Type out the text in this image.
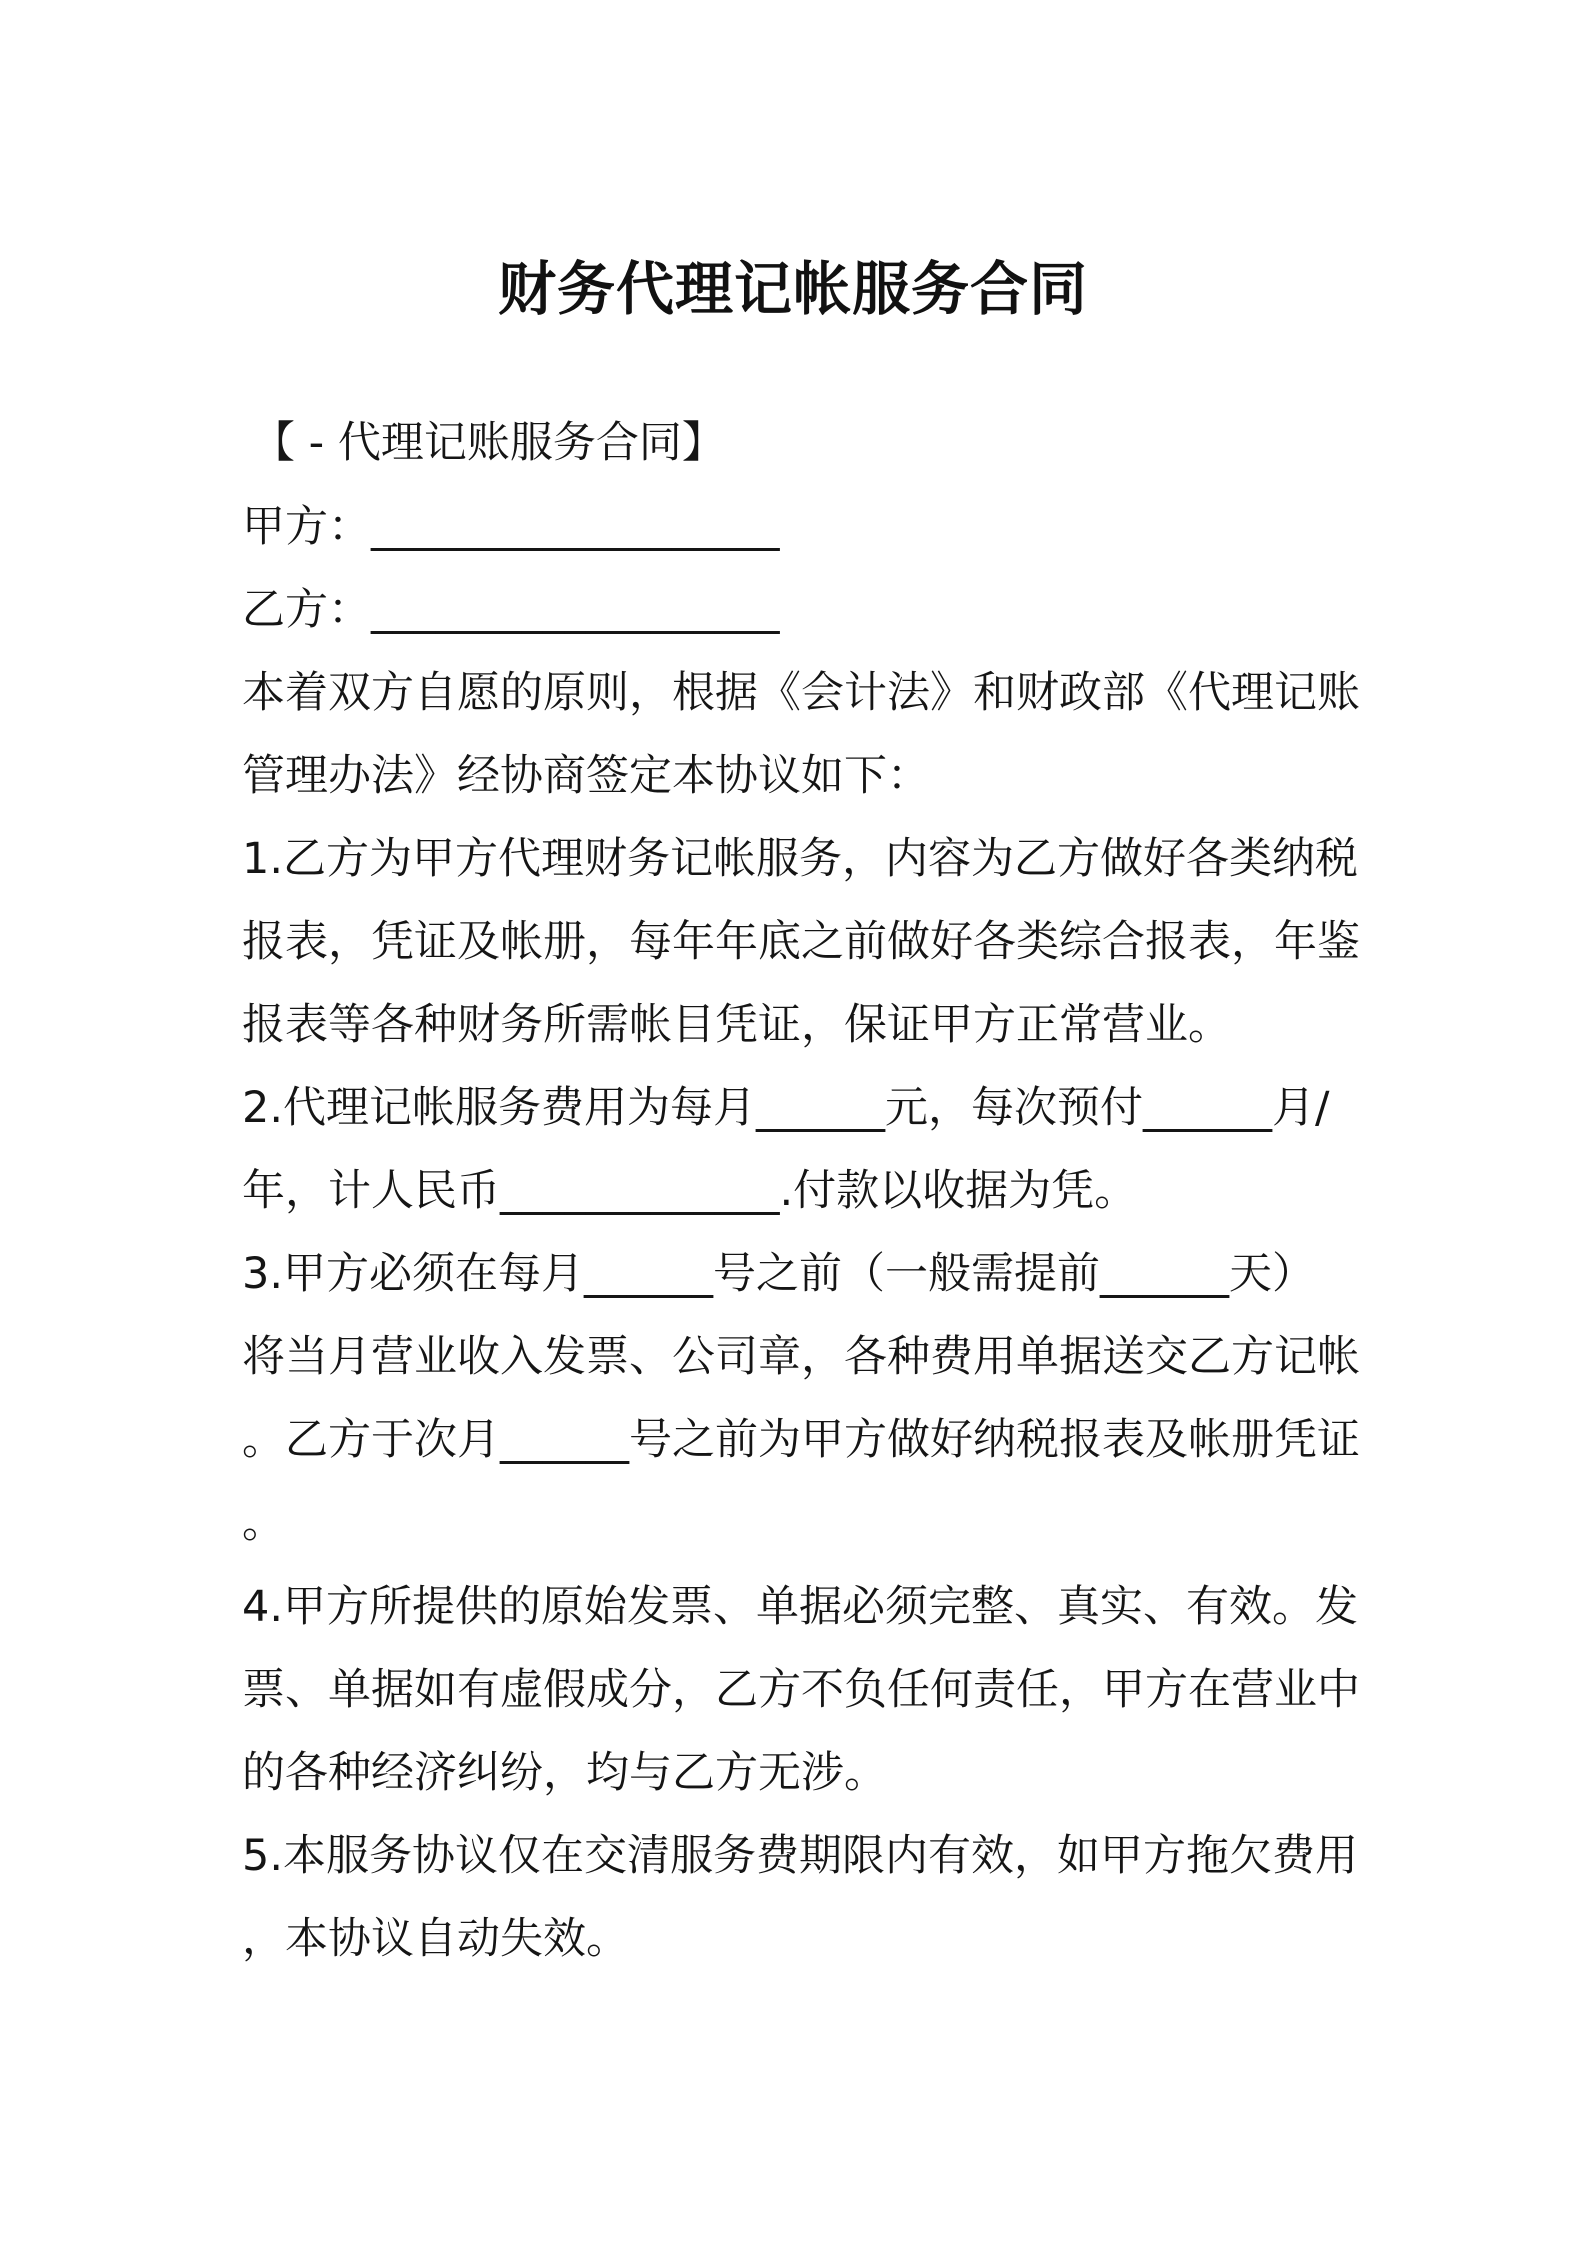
财务代理记帐服务合同
【 - 代理记账服务合同】
甲方：___________________
乙方：___________________
本着双方自愿的原则，根据《会计法》和财政部《代理记账
管理办法》经协商签定本协议如下：
1.乙方为甲方代理财务记帐服务，内容为乙方做好各类纳税
报表，凭证及帐册，每年年底之前做好各类综合报表，年鉴
报表等各种财务所需帐目凭证，保证甲方正常营业。
2.代理记帐服务费用为每月______元，每次预付______月/
年，计人民币_____________.付款以收据为凭。
3.甲方必须在每月______号之前（一般需提前______天）
将当月营业收入发票、公司章，各种费用单据送交乙方记帐
。乙方于次月______号之前为甲方做好纳税报表及帐册凭证
。
4.甲方所提供的原始发票、单据必须完整、真实、有效。发
票、单据如有虚假成分，乙方不负任何责任，甲方在营业中
的各种经济纠纷，均与乙方无涉。
5.本服务协议仅在交清服务费期限内有效，如甲方拖欠费用
，本协议自动失效。
